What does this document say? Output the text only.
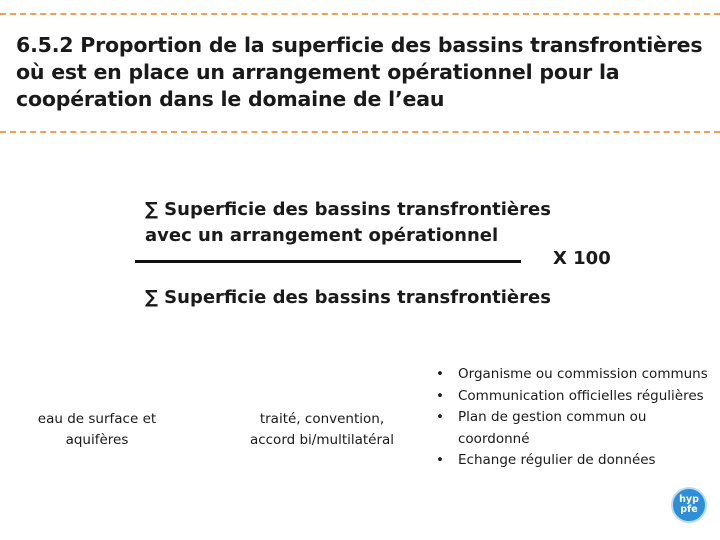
6.5.2 Proportion de la superficie des bassins transfrontières où est en place un arrangement opérationnel pour la coopération dans le domaine de l’eau
∑ Superficie des bassins transfrontières
avec un arrangement opérationnel
X 100
∑ Superficie des bassins transfrontières
eau de surface et aquifères
traité, convention, accord bi/multilatéral
• Organisme ou commission communs
• Communication officielles régulières
• Plan de gestion commun ou coordonné
• Echange régulier de données
hyp
pfe
